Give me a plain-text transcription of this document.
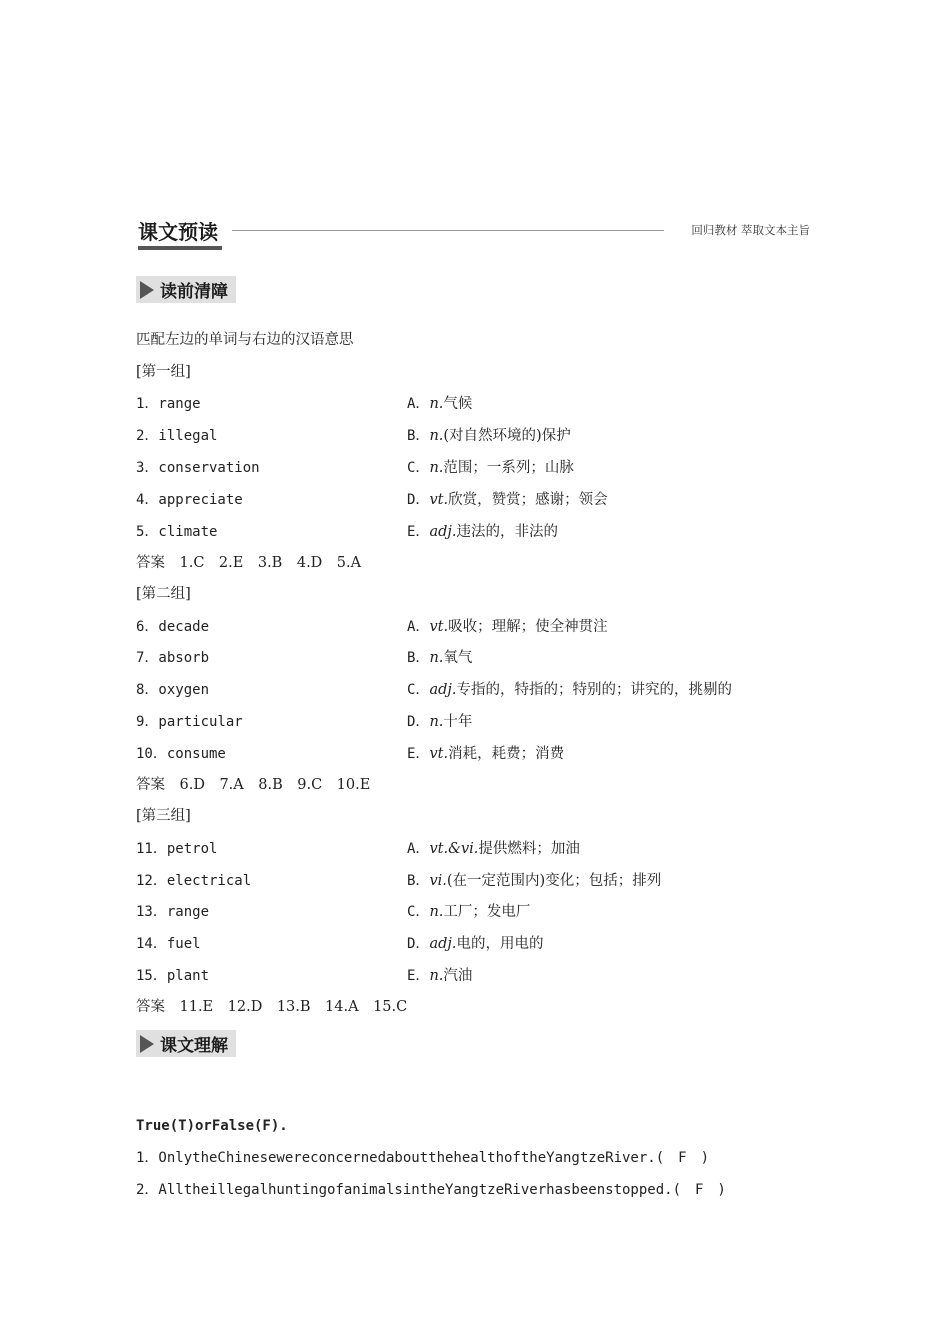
课文预读	回归教材 萃取文本主旨
读前清障
匹配左边的单词与右边的汉语意思
[第一组]
1．range	A．n.气候
2．illegal	B．n.(对自然环境的)保护
3．conservation	C．n.范围；一系列；山脉
4．appreciate	D．vt.欣赏，赞赏；感谢；领会
5．climate	E．adj.违法的，非法的
答案　1.C　2.E　3.B　4.D　5.A
[第二组]
6．decade	A．vt.吸收；理解；使全神贯注
7．absorb	B．n.氧气
8．oxygen	C．adj.专指的，特指的；特别的；讲究的，挑剔的
9．particular	D．n.十年
10．consume	E．vt.消耗，耗费；消费
答案　6.D　7.A　8.B　9.C　10.E
[第三组]
11．petrol	A．vt.&vi.提供燃料；加油
12．electrical	B．vi.(在一定范围内)变化；包括；排列
13．range	C．n.工厂；发电厂
14．fuel	D．adj.电的，用电的
15．plant	E．n.汽油
答案　11.E　12.D　13.B　14.A　15.C
课文理解
True(T)orFalse(F).
1．OnlytheChinesewereconcernedaboutthehealthoftheYangtzeRiver.(　F　)
2．AlltheillegalhuntingofanimalsintheYangtzeRiverhasbeenstopped.(　F　)
